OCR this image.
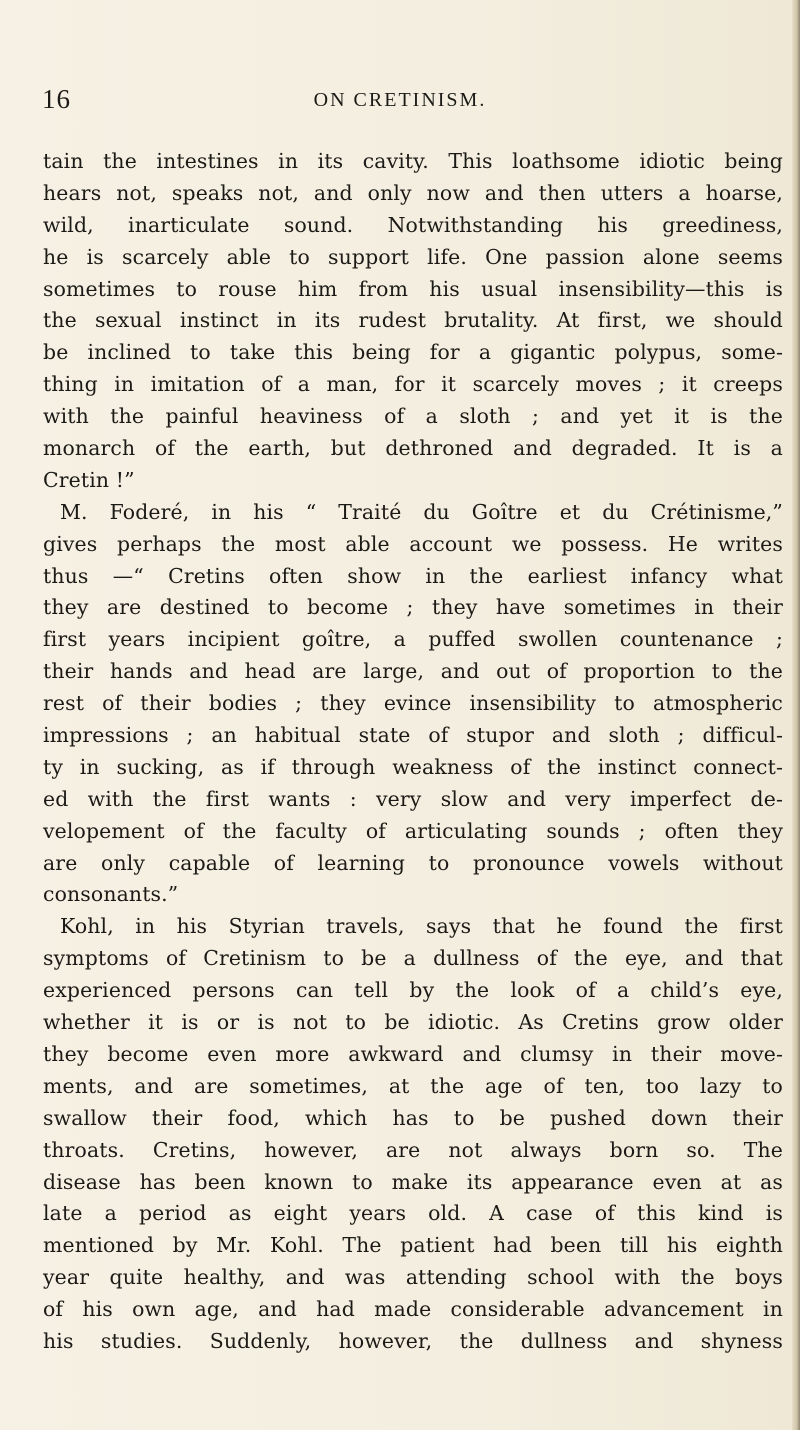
16	ON CRETINISM.
tain the intestines in its cavity. This loathsome idiotic being
hears not, speaks not, and only now and then utters a hoarse,
wild, inarticulate sound. Notwithstanding his greediness,
he is scarcely able to support life. One passion alone seems
sometimes to rouse him from his usual insensibility—this is
the sexual instinct in its rudest brutality. At first, we should
be inclined to take this being for a gigantic polypus, some-
thing in imitation of a man, for it scarcely moves ; it creeps
with the painful heaviness of a sloth ; and yet it is the
monarch of the earth, but dethroned and degraded. It is a
Cretin !”
M. Foderé, in his “ Traité du Goître et du Crétinisme,”
gives perhaps the most able account we possess. He writes
thus —“ Cretins often show in the earliest infancy what
they are destined to become ; they have sometimes in their
first years incipient goître, a puffed swollen countenance ;
their hands and head are large, and out of proportion to the
rest of their bodies ; they evince insensibility to atmospheric
impressions ; an habitual state of stupor and sloth ; difficul-
ty in sucking, as if through weakness of the instinct connect-
ed with the first wants : very slow and very imperfect de-
velopement of the faculty of articulating sounds ; often they
are only capable of learning to pronounce vowels without
consonants.”
Kohl, in his Styrian travels, says that he found the first
symptoms of Cretinism to be a dullness of the eye, and that
experienced persons can tell by the look of a child’s eye,
whether it is or is not to be idiotic. As Cretins grow older
they become even more awkward and clumsy in their move-
ments, and are sometimes, at the age of ten, too lazy to
swallow their food, which has to be pushed down their
throats. Cretins, however, are not always born so. The
disease has been known to make its appearance even at as
late a period as eight years old. A case of this kind is
mentioned by Mr. Kohl. The patient had been till his eighth
year quite healthy, and was attending school with the boys
of his own age, and had made considerable advancement in
his studies. Suddenly, however, the dullness and shyness
